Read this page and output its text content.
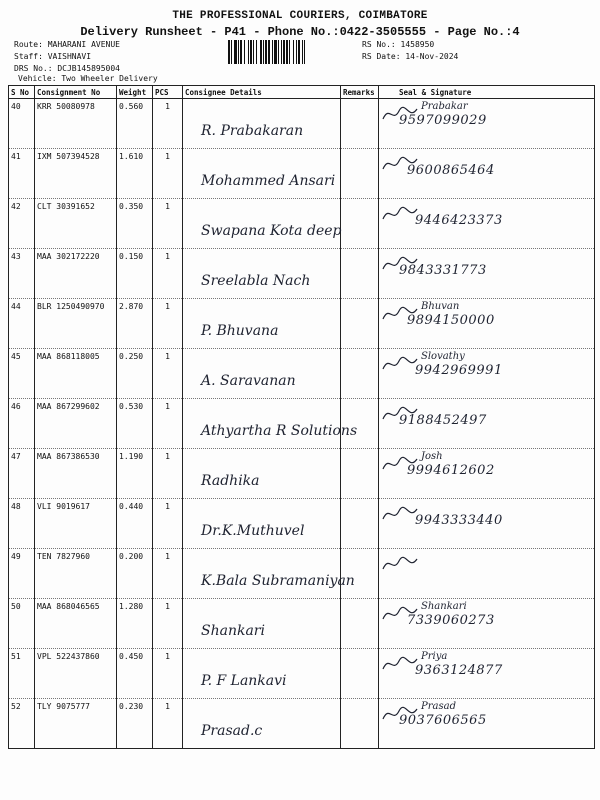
THE PROFESSIONAL COURIERS, COIMBATORE
Delivery Runsheet - P41 - Phone No.:0422-3505555 - Page No.:4
Route: MAHARANI AVENUE
Staff: VAISHNAVI
DRS No.: DCJB145895004
Vehicle: Two Wheeler Delivery
RS No.: 1458950
RS Date: 14-Nov-2024
S No	Consignment No	Weight	PCS	Consignee Details	Remarks	Seal & Signature
40	KRR 50080978	0.560	1	R. Prabakaran		Prabakar
9597099029

41	IXM 507394528	1.610	1	Mohammed Ansari		9600865464

42	CLT 30391652	0.350	1	Swapana Kota deep		9446423373

43	MAA 302172220	0.150	1	Sreelabla Nach		9843331773

44	BLR 1250490970	2.870	1	P. Bhuvana		Bhuvan
9894150000

45	MAA 868118005	0.250	1	A. Saravanan		Slovathy
9942969991

46	MAA 867299602	0.530	1	Athyartha R Solutions		9188452497

47	MAA 867386530	1.190	1	Radhika		Josh
9994612602

48	VLI 9019617	0.440	1	Dr.K.Muthuvel		9943333440

49	TEN 7827960	0.200	1	K.Bala Subramaniyan

50	MAA 868046565	1.280	1	Shankari		Shankari
7339060273

51	VPL 522437860	0.450	1	P. F Lankavi		Priya
9363124877

52	TLY 9075777	0.230	1	Prasad.c		Prasad
9037606565
